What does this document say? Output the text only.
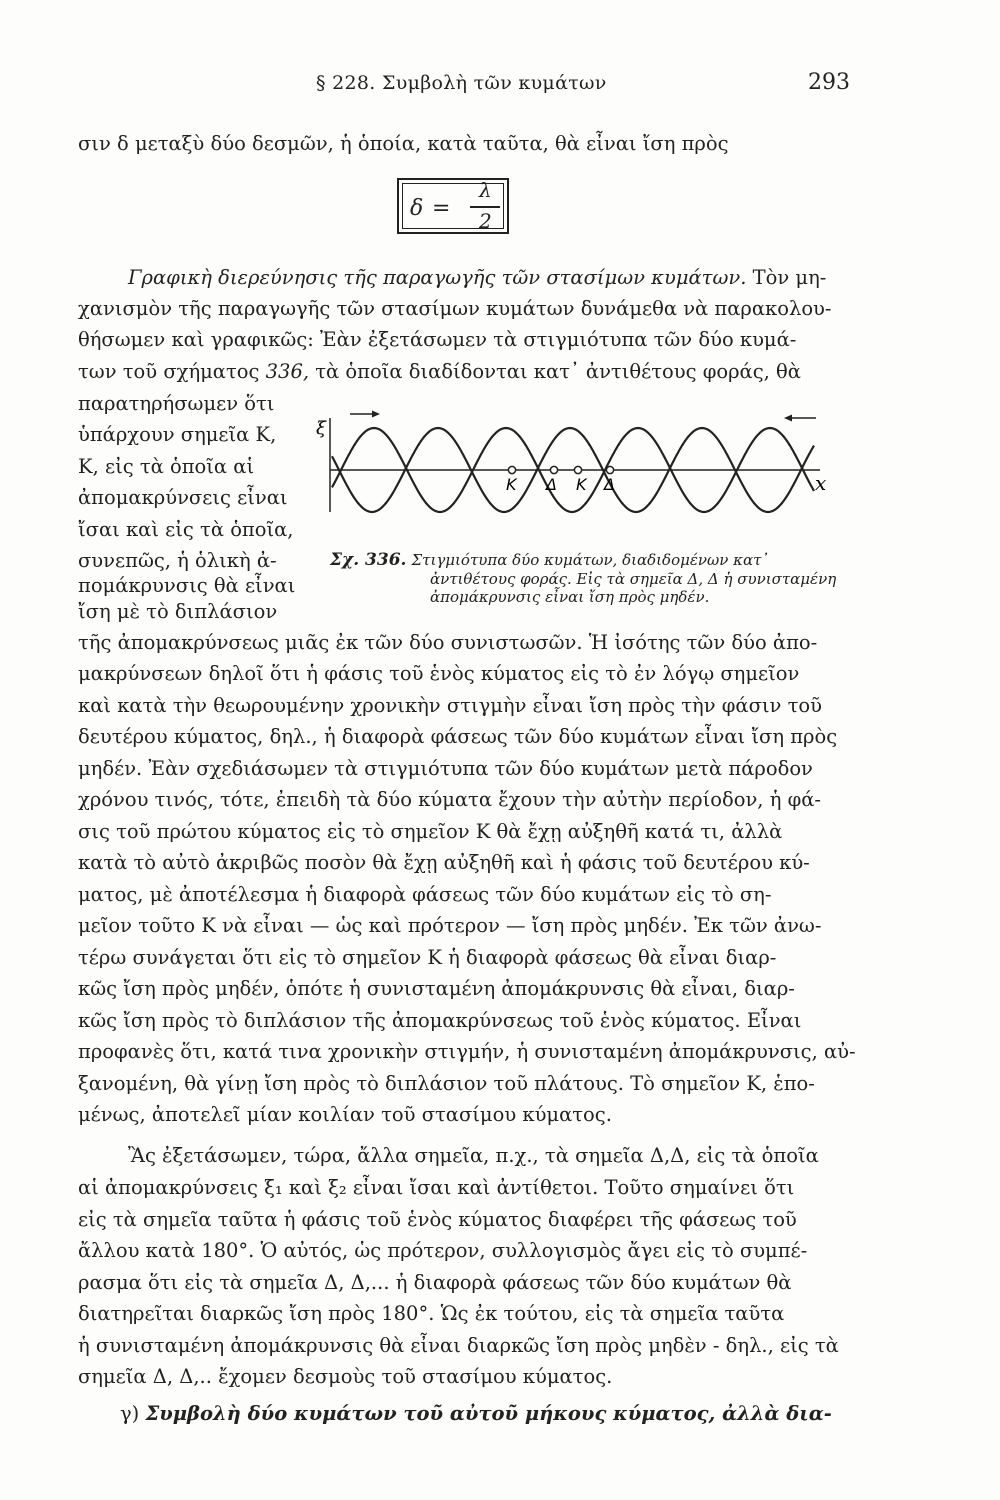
§ 228. Συμβολὴ τῶν κυμάτων	293
σιν δ μεταξὺ δύο δεσμῶν, ἡ ὁποία, κατὰ ταῦτα, θὰ εἶναι ἴση πρὸς
δ =
λ
2
Γραφικὴ διερεύνησις τῆς παραγωγῆς τῶν στασίμων κυμάτων. Τὸν μη-
χανισμὸν τῆς παραγωγῆς τῶν στασίμων κυμάτων δυνάμεθα νὰ παρακολου-
θήσωμεν καὶ γραφικῶς: Ἐὰν ἐξετάσωμεν τὰ στιγμιότυπα τῶν δύο κυμά-
των τοῦ σχήματος 336, τὰ ὁποῖα διαδίδονται κατ᾽ ἀντιθέτους φοράς, θὰ
παρατηρήσωμεν ὅτι
ὑπάρχουν σημεῖα Κ,
Κ, εἰς τὰ ὁποῖα αἱ
ἀπομακρύνσεις εἶναι
ἴσαι καὶ εἰς τὰ ὁποῖα,
συνεπῶς, ἡ ὁλικὴ ἀ-
πομάκρυνσις θὰ εἶναι
ἴση μὲ τὸ διπλάσιον
ξ
x
Κ Δ Κ Δ
Σχ. 336. Στιγμιότυπα δύο κυμάτων, διαδιδομένων κατ᾽
ἀντιθέτους φοράς. Εἰς τὰ σημεῖα Δ, Δ ἡ συνισταμένη
ἀπομάκρυνσις εἶναι ἴση πρὸς μηδέν.
τῆς ἀπομακρύνσεως μιᾶς ἐκ τῶν δύο συνιστωσῶν. Ἡ ἰσότης τῶν δύο ἀπο-
μακρύνσεων δηλοῖ ὅτι ἡ φάσις τοῦ ἑνὸς κύματος εἰς τὸ ἐν λόγῳ σημεῖον
καὶ κατὰ τὴν θεωρουμένην χρονικὴν στιγμὴν εἶναι ἴση πρὸς τὴν φάσιν τοῦ
δευτέρου κύματος, δηλ., ἡ διαφορὰ φάσεως τῶν δύο κυμάτων εἶναι ἴση πρὸς
μηδέν. Ἐὰν σχεδιάσωμεν τὰ στιγμιότυπα τῶν δύο κυμάτων μετὰ πάροδον
χρόνου τινός, τότε, ἐπειδὴ τὰ δύο κύματα ἔχουν τὴν αὐτὴν περίοδον, ἡ φά-
σις τοῦ πρώτου κύματος εἰς τὸ σημεῖον Κ θὰ ἔχῃ αὐξηθῆ κατά τι, ἀλλὰ
κατὰ τὸ αὐτὸ ἀκριβῶς ποσὸν θὰ ἔχῃ αὐξηθῆ καὶ ἡ φάσις τοῦ δευτέρου κύ-
ματος, μὲ ἀποτέλεσμα ἡ διαφορὰ φάσεως τῶν δύο κυμάτων εἰς τὸ ση-
μεῖον τοῦτο Κ νὰ εἶναι — ὡς καὶ πρότερον — ἴση πρὸς μηδέν. Ἐκ τῶν ἀνω-
τέρω συνάγεται ὅτι εἰς τὸ σημεῖον Κ ἡ διαφορὰ φάσεως θὰ εἶναι διαρ-
κῶς ἴση πρὸς μηδέν, ὁπότε ἡ συνισταμένη ἀπομάκρυνσις θὰ εἶναι, διαρ-
κῶς ἴση πρὸς τὸ διπλάσιον τῆς ἀπομακρύνσεως τοῦ ἑνὸς κύματος. Εἶναι
προφανὲς ὅτι, κατά τινα χρονικὴν στιγμήν, ἡ συνισταμένη ἀπομάκρυνσις, αὐ-
ξανομένη, θὰ γίνῃ ἴση πρὸς τὸ διπλάσιον τοῦ πλάτους. Τὸ σημεῖον Κ, ἑπο-
μένως, ἀποτελεῖ μίαν κοιλίαν τοῦ στασίμου κύματος.
Ἂς ἐξετάσωμεν, τώρα, ἄλλα σημεῖα, π.χ., τὰ σημεῖα Δ,Δ, εἰς τὰ ὁποῖα
αἱ ἀπομακρύνσεις ξ₁ καὶ ξ₂ εἶναι ἴσαι καὶ ἀντίθετοι. Τοῦτο σημαίνει ὅτι
εἰς τὰ σημεῖα ταῦτα ἡ φάσις τοῦ ἑνὸς κύματος διαφέρει τῆς φάσεως τοῦ
ἄλλου κατὰ 180°. Ὁ αὐτός, ὡς πρότερον, συλλογισμὸς ἄγει εἰς τὸ συμπέ-
ρασμα ὅτι εἰς τὰ σημεῖα Δ, Δ,... ἡ διαφορὰ φάσεως τῶν δύο κυμάτων θὰ
διατηρεῖται διαρκῶς ἴση πρὸς 180°. Ὡς ἐκ τούτου, εἰς τὰ σημεῖα ταῦτα
ἡ συνισταμένη ἀπομάκρυνσις θὰ εἶναι διαρκῶς ἴση πρὸς μηδὲν - δηλ., εἰς τὰ
σημεῖα Δ, Δ,.. ἔχομεν δεσμοὺς τοῦ στασίμου κύματος.
γ) Συμβολὴ δύο κυμάτων τοῦ αὐτοῦ μήκους κύματος, ἀλλὰ δια-
